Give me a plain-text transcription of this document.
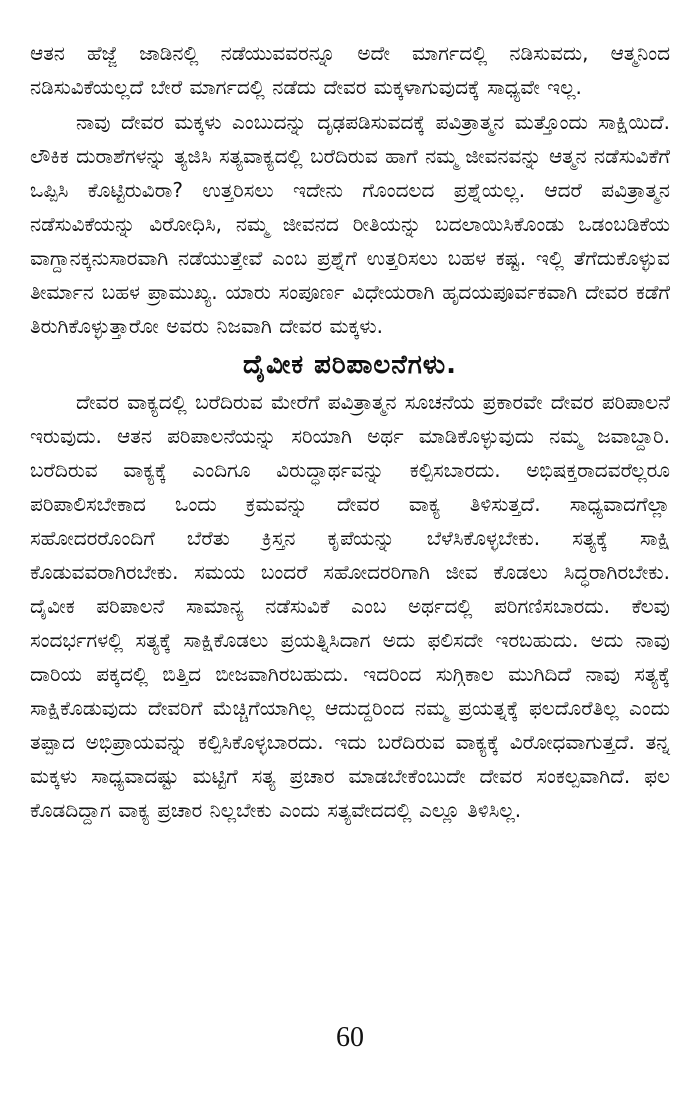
ಆತನ ಹೆಜ್ಜೆ ಜಾಡಿನಲ್ಲಿ ನಡೆಯುವವರನ್ನೂ ಅದೇ ಮಾರ್ಗದಲ್ಲಿ ನಡಿಸುವದು, ಆತ್ಮನಿಂದ ನಡಿಸುವಿಕೆಯಲ್ಲದೆ ಬೇರೆ ಮಾರ್ಗದಲ್ಲಿ ನಡೆದು ದೇವರ ಮಕ್ಕಳಾಗುವುದಕ್ಕೆ ಸಾಧ್ಯವೇ ಇಲ್ಲ.

ನಾವು ದೇವರ ಮಕ್ಕಳು ಎಂಬುದನ್ನು ದೃಢಪಡಿಸುವದಕ್ಕೆ ಪವಿತ್ರಾತ್ಮನ ಮತ್ತೊಂದು ಸಾಕ್ಷಿಯಿದೆ. ಲೌಕಿಕ ದುರಾಶೆಗಳನ್ನು ತ್ಯಜಿಸಿ ಸತ್ಯವಾಕ್ಯದಲ್ಲಿ ಬರೆದಿರುವ ಹಾಗೆ ನಮ್ಮ ಜೀವನವನ್ನು ಆತ್ಮನ ನಡೆಸುವಿಕೆಗೆ ಒಪ್ಪಿಸಿ ಕೊಟ್ಟಿರುವಿರಾ? ಉತ್ತರಿಸಲು ಇದೇನು ಗೊಂದಲದ ಪ್ರಶ್ನೆಯಲ್ಲ. ಆದರೆ ಪವಿತ್ರಾತ್ಮನ ನಡೆಸುವಿಕೆಯನ್ನು ವಿರೋಧಿಸಿ, ನಮ್ಮ ಜೀವನದ ರೀತಿಯನ್ನು ಬದಲಾಯಿಸಿಕೊಂಡು ಒಡಂಬಡಿಕೆಯ ವಾಗ್ದಾನಕ್ಕನುಸಾರವಾಗಿ ನಡೆಯುತ್ತೇವೆ ಎಂಬ ಪ್ರಶ್ನೆಗೆ ಉತ್ತರಿಸಲು ಬಹಳ ಕಷ್ಟ. ಇಲ್ಲಿ ತೆಗೆದುಕೊಳ್ಳುವ ತೀರ್ಮಾನ ಬಹಳ ಪ್ರಾಮುಖ್ಯ. ಯಾರು ಸಂಪೂರ್ಣ ವಿಧೇಯರಾಗಿ ಹೃದಯಪೂರ್ವಕವಾಗಿ ದೇವರ ಕಡೆಗೆ ತಿರುಗಿಕೊಳ್ಳುತ್ತಾರೋ ಅವರು ನಿಜವಾಗಿ ದೇವರ ಮಕ್ಕಳು.

ದೈವೀಕ ಪರಿಪಾಲನೆಗಳು.

ದೇವರ ವಾಕ್ಯದಲ್ಲಿ ಬರೆದಿರುವ ಮೇರೆಗೆ ಪವಿತ್ರಾತ್ಮನ ಸೂಚನೆಯ ಪ್ರಕಾರವೇ ದೇವರ ಪರಿಪಾಲನೆ ಇರುವುದು. ಆತನ ಪರಿಪಾಲನೆಯನ್ನು ಸರಿಯಾಗಿ ಅರ್ಥ ಮಾಡಿಕೊಳ್ಳುವುದು ನಮ್ಮ ಜವಾಬ್ದಾರಿ. ಬರೆದಿರುವ ವಾಕ್ಯಕ್ಕೆ ಎಂದಿಗೂ ವಿರುದ್ಧಾರ್ಥವನ್ನು ಕಲ್ಪಿಸಬಾರದು. ಅಭಿಷಕ್ತರಾದವರೆಲ್ಲರೂ ಪರಿಪಾಲಿಸಬೇಕಾದ ಒಂದು ಕ್ರಮವನ್ನು ದೇವರ ವಾಕ್ಯ ತಿಳಿಸುತ್ತದೆ. ಸಾಧ್ಯವಾದಗೆಲ್ಲಾ ಸಹೋದರರೊಂದಿಗೆ ಬೆರೆತು ಕ್ರಿಸ್ತನ ಕೃಪೆಯನ್ನು ಬೆಳೆಸಿಕೊಳ್ಳಬೇಕು. ಸತ್ಯಕ್ಕೆ ಸಾಕ್ಷಿ ಕೊಡುವವರಾಗಿರಬೇಕು. ಸಮಯ ಬಂದರೆ ಸಹೋದರರಿಗಾಗಿ ಜೀವ ಕೊಡಲು ಸಿದ್ಧರಾಗಿರಬೇಕು. ದೈವೀಕ ಪರಿಪಾಲನೆ ಸಾಮಾನ್ಯ ನಡೆಸುವಿಕೆ ಎಂಬ ಅರ್ಥದಲ್ಲಿ ಪರಿಗಣಿಸಬಾರದು. ಕೆಲವು ಸಂದರ್ಭಗಳಲ್ಲಿ ಸತ್ಯಕ್ಕೆ ಸಾಕ್ಷಿಕೊಡಲು ಪ್ರಯತ್ನಿಸಿದಾಗ ಅದು ಫಲಿಸದೇ ಇರಬಹುದು. ಅದು ನಾವು ದಾರಿಯ ಪಕ್ಕದಲ್ಲಿ ಬಿತ್ತಿದ ಬೀಜವಾಗಿರಬಹುದು. ಇದರಿಂದ ಸುಗ್ಗಿಕಾಲ ಮುಗಿದಿದೆ ನಾವು ಸತ್ಯಕ್ಕೆ ಸಾಕ್ಷಿಕೊಡುವುದು ದೇವರಿಗೆ ಮೆಚ್ಚಿಗೆಯಾಗಿಲ್ಲ ಆದುದ್ದರಿಂದ ನಮ್ಮ ಪ್ರಯತ್ನಕ್ಕೆ ಫಲದೊರೆತಿಲ್ಲ ಎಂದು ತಪ್ಪಾದ ಅಭಿಪ್ರಾಯವನ್ನು ಕಲ್ಪಿಸಿಕೊಳ್ಳಬಾರದು. ಇದು ಬರೆದಿರುವ ವಾಕ್ಯಕ್ಕೆ ವಿರೋಧವಾಗುತ್ತದೆ. ತನ್ನ ಮಕ್ಕಳು ಸಾಧ್ಯವಾದಷ್ಟು ಮಟ್ಟಿಗೆ ಸತ್ಯ ಪ್ರಚಾರ ಮಾಡಬೇಕೆಂಬುದೇ ದೇವರ ಸಂಕಲ್ಪವಾಗಿದೆ. ಫಲ ಕೊಡದಿದ್ದಾಗ ವಾಕ್ಯ ಪ್ರಚಾರ ನಿಲ್ಲಬೇಕು ಎಂದು ಸತ್ಯವೇದದಲ್ಲಿ ಎಲ್ಲೂ ತಿಳಿಸಿಲ್ಲ.

60
